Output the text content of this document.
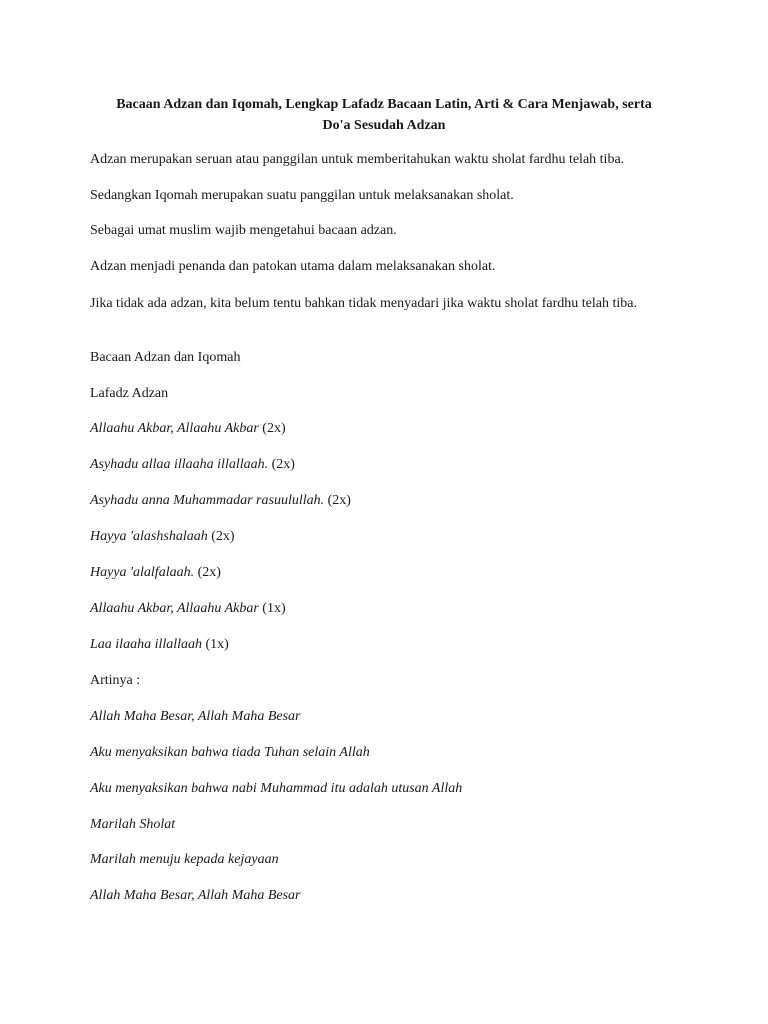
Bacaan Adzan dan Iqomah, Lengkap Lafadz Bacaan Latin, Arti & Cara Menjawab, serta
Do'a Sesudah Adzan
Adzan merupakan seruan atau panggilan untuk memberitahukan waktu sholat fardhu telah tiba.
Sedangkan Iqomah merupakan suatu panggilan untuk melaksanakan sholat.
Sebagai umat muslim wajib mengetahui bacaan adzan.
Adzan menjadi penanda dan patokan utama dalam melaksanakan sholat.
Jika tidak ada adzan, kita belum tentu bahkan tidak menyadari jika waktu sholat fardhu telah tiba.
Bacaan Adzan dan Iqomah
Lafadz Adzan
Allaahu Akbar, Allaahu Akbar (2x)
Asyhadu allaa illaaha illallaah. (2x)
Asyhadu anna Muhammadar rasuulullah. (2x)
Hayya 'alashshalaah (2x)
Hayya 'alalfalaah. (2x)
Allaahu Akbar, Allaahu Akbar (1x)
Laa ilaaha illallaah (1x)
Artinya :
Allah Maha Besar, Allah Maha Besar
Aku menyaksikan bahwa tiada Tuhan selain Allah
Aku menyaksikan bahwa nabi Muhammad itu adalah utusan Allah
Marilah Sholat
Marilah menuju kepada kejayaan
Allah Maha Besar, Allah Maha Besar
